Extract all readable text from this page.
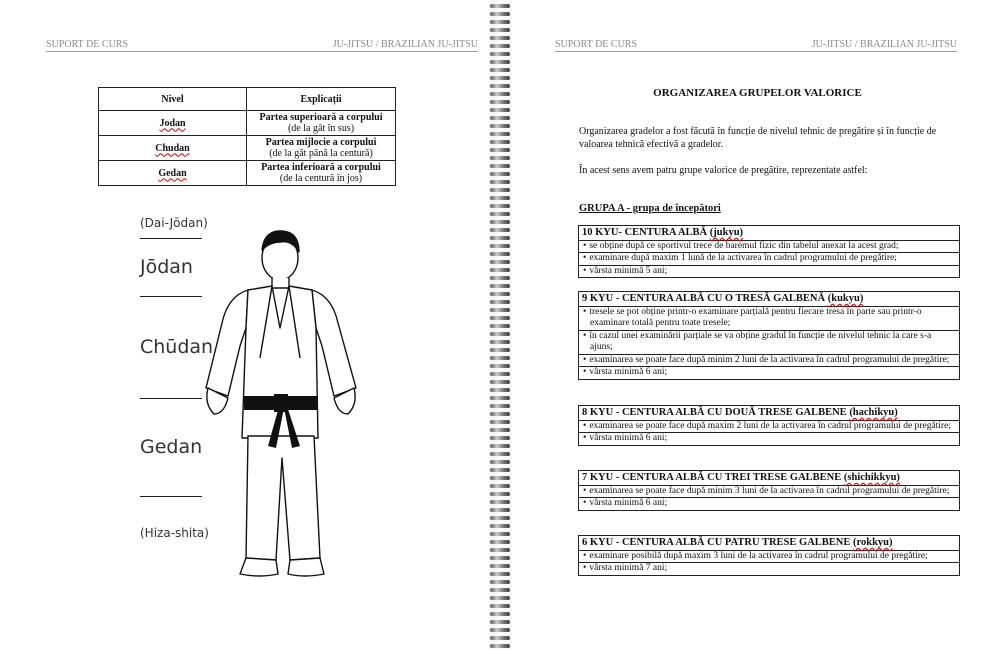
SUPORT DE CURS	JU-JITSU / BRAZILIAN JU-JITSU
Nivel	Explicații
Jodan	Partea superioară a corpului
(de la gât în sus)
Chudan	Partea mijlocie a corpului
(de la gât până la centură)
Gedan	Partea inferioară a corpului
(de la centură în jos)
(Dai-Jōdan)
Jōdan
Chūdan
Gedan
(Hiza-shita)
SUPORT DE CURS	JU-JITSU / BRAZILIAN JU-JITSU
ORGANIZAREA GRUPELOR VALORICE
Organizarea gradelor a fost făcută în funcție de nivelul tehnic de pregătire și în funcție de valoarea tehnică efectivă a gradelor.
În acest sens avem patru grupe valorice de pregătire, reprezentate astfel:
GRUPA A - grupa de începători
10 KYU- CENTURA ALBĂ (jukyu)
• se obține după ce sportivul trece de baremul fizic din tabelul anexat la acest grad;
• examinare după maxim 1 lună de la activarea în cadrul programului de pregătire;
• vârsta minimă 5 ani;
9 KYU - CENTURA ALBĂ CU O TRESĂ GALBENĂ (kukyu)
• tresele se pot obține printr-o examinare parțială pentru fiecare tresa în parte sau printr-o examinare totală pentru toate tresele;
• în cazul unei examinării parțiale se va obține gradul în funcție de nivelul tehnic la care s-a ajuns;
• examinarea se poate face după minim 2 luni de la activarea în cadrul programului de pregătire;
• vârsta minimă 6 ani;
8 KYU - CENTURA ALBĂ CU DOUĂ TRESE GALBENE (hachikyu)
• examinarea se poate face după maxim 2 luni de la activarea în cadrul programului de pregătire;
• vârsta minimă 6 ani;
7 KYU - CENTURA ALBĂ CU TREI TRESE GALBENE (shichikkyu)
• examinarea se poate face după minim 3 luni de la activarea în cadrul programului de pregătire;
• vârsta minimă 6 ani;
6 KYU - CENTURA ALBĂ CU PATRU TRESE GALBENE (rokkyu)
• examinare posibilă după maxim 3 luni de la activarea în cadrul programului de pregătire;
• vârsta minimă 7 ani;
